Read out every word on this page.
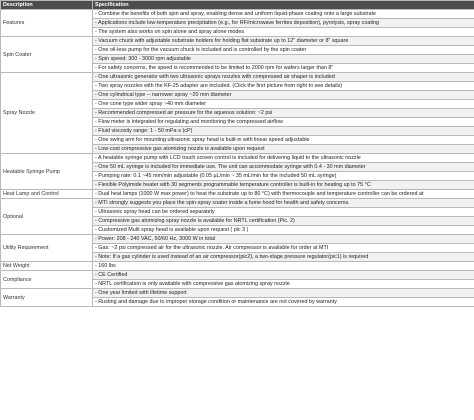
Description	Specification

Features	- Combine the benefits of both spin and spray, enabling dense and uniform liquid-phase coating onto a large substrate
	- Applications include low-temperature precipitation (e.g., for RF/microwave ferrites deposition), pyrolysis, spray coating
	- The system also works on spin alone and spray alone modes

Spin Coater	- Vacuum chuck with adjustable substrate holders for holding flat substrate up to 12" diameter or 8" square
	- One oil-less pump for the vacuum chuck is included and is controlled by the spin coater
	- Spin speed: 300 - 3000 rpm adjustable
	- For safety concerns, the speed is recommended to be limited to 2000 rpm for wafers larger than 8"

Spray Nozzle	- One ultrasonic generator with two ultrasonic sprays nozzles with compressed air shaper is included
	- Two spray nozzles with the KF-25 adapter are included. (Click the first picture from right to see details)
	- One cylindrical type -- narrower spray ~20 mm diameter
	- One cone type wider spray ~40 mm diameter
	- Recommended compressed air pressure for the aqueous solution: ~2 psi
	- Flow meter is integrated for regulating and monitoring the compressed airflow
	- Fluid viscosity range: 1 - 50 mPa·s (cP)
	- One swing arm for mounting ultrasonic spray head is built-in with linear speed adjustable
	- Low-cost compressive gas atomizing nozzle is available upon request

Heatable Syringe Pump	- A heatable syringe pump with LCD touch screen control is included for delivering liquid to the ultrasonic nozzle
	- One 50 mL syringe is included for immediate use. The unit can accommodate syringe with 0.4 - 30 mm diameter
	- Pumping rate: 0.1 ~45 mm/min adjustable (0.05 µL/min ~ 35 mL/min for the included 50 mL syringe)
	- Flexible Polyimide heater with 30 segments programmable temperature controller is built-in for heating up to 75 °C

Heat Lamp and Control	- Dual heat lamps (1000 W max power) to heat the substrate up to 80 °C) with thermocouple and temperature controller can be ordered at

Optional	- MTI strongly suggests you place the spin-spray coater inside a fume hood for health and safety concerns.
	- Ultrasonic spray head can be ordered separately
	- Compressive gas atomizing spray nozzle is available for NRTL certification (Pic. 2)
	- Customized Multi spray head is available upon request ( pic 3 )

Utility Requirement	- Power: 208 - 240 VAC, 50/60 Hz, 3000 W in total
	- Gas: ~2 psi compressed air for the ultrasonic nozzle. Air compressor is available for order at MTI
	- Note: If a gas cylinder is used instead of an air compressor(pic2), a two-stage pressure regulator(pic1) is required

Net Weight	- 160 lbs

Compliance	- CE Certified
	- NRTL certification is only available with compressive gas atomizing spray nozzle

Warranty	- One year limited with lifetime support
	- Rusting and damage due to improper storage condition or maintenance are not covered by warranty
